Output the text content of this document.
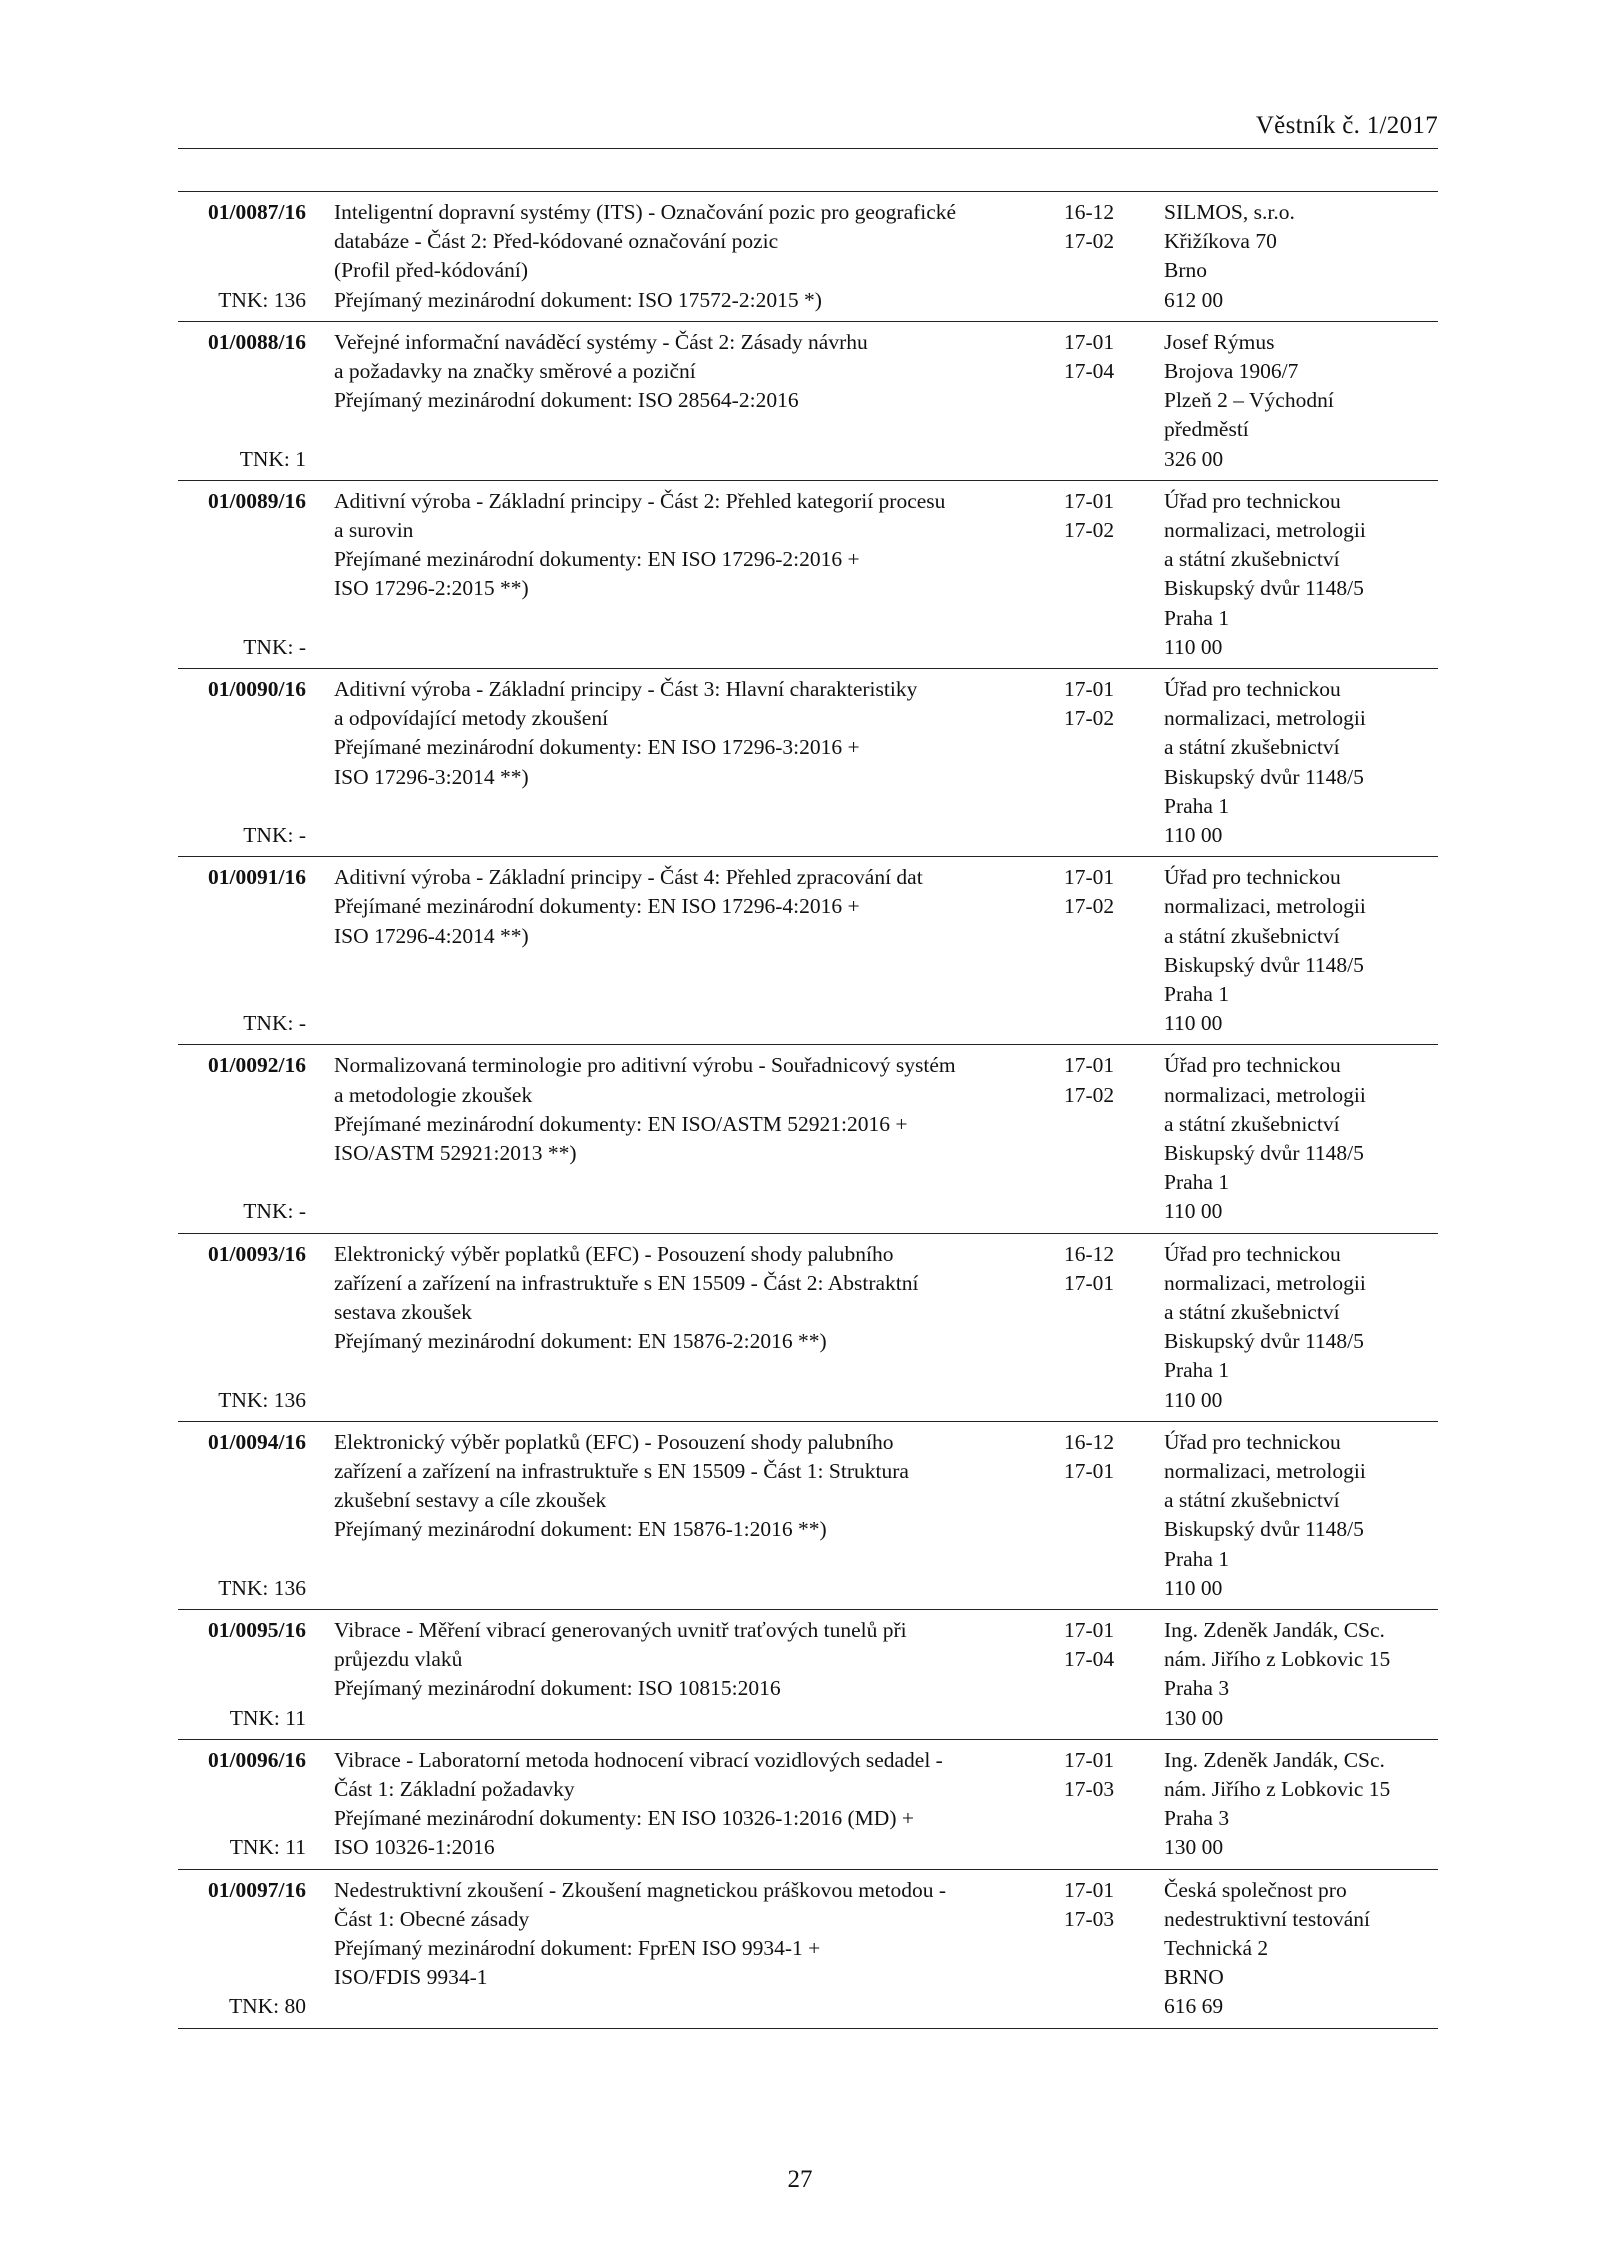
Věstník č. 1/2017
01/0087/16
TNK: 136
Inteligentní dopravní systémy (ITS) - Označování pozic pro geografické
databáze - Část 2: Před-kódované označování pozic
(Profil před-kódování)
Přejímaný mezinárodní dokument: ISO 17572-2:2015 *)
16-12
17-02
SILMOS, s.r.o.
Křižíkova 70
Brno
612 00
01/0088/16
TNK: 1
Veřejné informační naváděcí systémy - Část 2: Zásady návrhu
a požadavky na značky směrové a poziční
Přejímaný mezinárodní dokument: ISO 28564-2:2016
17-01
17-04
Josef Rýmus
Brojova 1906/7
Plzeň 2 – Východní
předměstí
326 00
01/0089/16
TNK: -
Aditivní výroba - Základní principy - Část 2: Přehled kategorií procesu
a surovin
Přejímané mezinárodní dokumenty: EN ISO 17296-2:2016 +
ISO 17296-2:2015 **)
17-01
17-02
Úřad pro technickou
normalizaci, metrologii
a státní zkušebnictví
Biskupský dvůr 1148/5
Praha 1
110 00
01/0090/16
TNK: -
Aditivní výroba - Základní principy - Část 3: Hlavní charakteristiky
a odpovídající metody zkoušení
Přejímané mezinárodní dokumenty: EN ISO 17296-3:2016 +
ISO 17296-3:2014 **)
17-01
17-02
Úřad pro technickou
normalizaci, metrologii
a státní zkušebnictví
Biskupský dvůr 1148/5
Praha 1
110 00
01/0091/16
TNK: -
Aditivní výroba - Základní principy - Část 4: Přehled zpracování dat
Přejímané mezinárodní dokumenty: EN ISO 17296-4:2016 +
ISO 17296-4:2014 **)
17-01
17-02
Úřad pro technickou
normalizaci, metrologii
a státní zkušebnictví
Biskupský dvůr 1148/5
Praha 1
110 00
01/0092/16
TNK: -
Normalizovaná terminologie pro aditivní výrobu - Souřadnicový systém
a metodologie zkoušek
Přejímané mezinárodní dokumenty: EN ISO/ASTM 52921:2016 +
ISO/ASTM 52921:2013 **)
17-01
17-02
Úřad pro technickou
normalizaci, metrologii
a státní zkušebnictví
Biskupský dvůr 1148/5
Praha 1
110 00
01/0093/16
TNK: 136
Elektronický výběr poplatků (EFC) - Posouzení shody palubního
zařízení a zařízení na infrastruktuře s EN 15509 - Část 2: Abstraktní
sestava zkoušek
Přejímaný mezinárodní dokument: EN 15876-2:2016 **)
16-12
17-01
Úřad pro technickou
normalizaci, metrologii
a státní zkušebnictví
Biskupský dvůr 1148/5
Praha 1
110 00
01/0094/16
TNK: 136
Elektronický výběr poplatků (EFC) - Posouzení shody palubního
zařízení a zařízení na infrastruktuře s EN 15509 - Část 1: Struktura
zkušební sestavy a cíle zkoušek
Přejímaný mezinárodní dokument: EN 15876-1:2016 **)
16-12
17-01
Úřad pro technickou
normalizaci, metrologii
a státní zkušebnictví
Biskupský dvůr 1148/5
Praha 1
110 00
01/0095/16
TNK: 11
Vibrace - Měření vibrací generovaných uvnitř traťových tunelů při
průjezdu vlaků
Přejímaný mezinárodní dokument: ISO 10815:2016
17-01
17-04
Ing. Zdeněk Jandák, CSc.
nám. Jiřího z Lobkovic 15
Praha 3
130 00
01/0096/16
TNK: 11
Vibrace - Laboratorní metoda hodnocení vibrací vozidlových sedadel -
Část 1: Základní požadavky
Přejímané mezinárodní dokumenty: EN ISO 10326-1:2016 (MD) +
ISO 10326-1:2016
17-01
17-03
Ing. Zdeněk Jandák, CSc.
nám. Jiřího z Lobkovic 15
Praha 3
130 00
01/0097/16
TNK: 80
Nedestruktivní zkoušení - Zkoušení magnetickou práškovou metodou -
Část 1: Obecné zásady
Přejímaný mezinárodní dokument: FprEN ISO 9934-1 +
ISO/FDIS 9934-1
17-01
17-03
Česká společnost pro
nedestruktivní testování
Technická 2
BRNO
616 69
27
